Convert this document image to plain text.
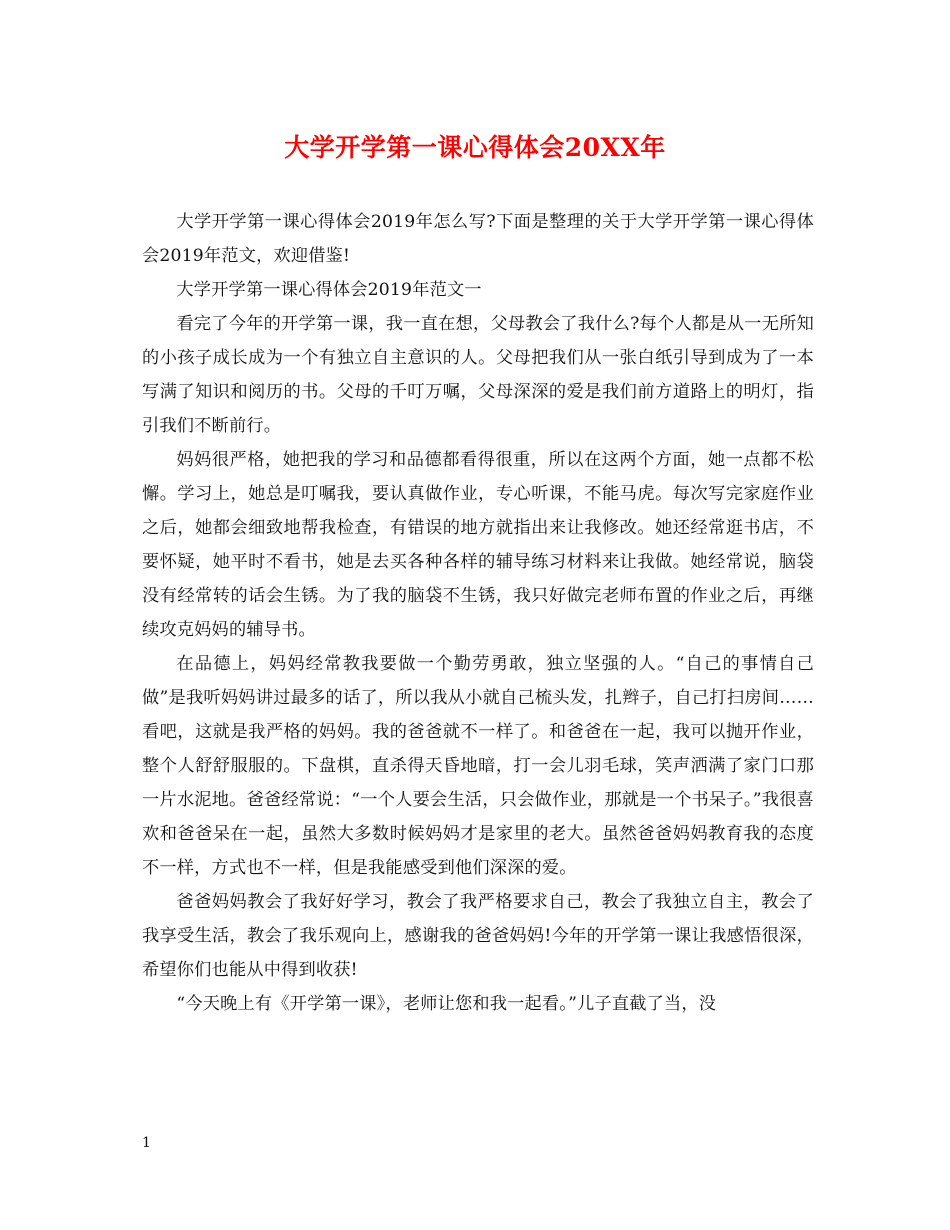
大学开学第一课心得体会20XX年

大学开学第一课心得体会2019年怎么写?下面是整理的关于大学开学第一课心得体会2019年范文，欢迎借鉴!

大学开学第一课心得体会2019年范文一

看完了今年的开学第一课，我一直在想，父母教会了我什么?每个人都是从一无所知的小孩子成长成为一个有独立自主意识的人。父母把我们从一张白纸引导到成为了一本写满了知识和阅历的书。父母的千叮万嘱，父母深深的爱是我们前方道路上的明灯，指引我们不断前行。

妈妈很严格，她把我的学习和品德都看得很重，所以在这两个方面，她一点都不松懈。学习上，她总是叮嘱我，要认真做作业，专心听课，不能马虎。每次写完家庭作业之后，她都会细致地帮我检查，有错误的地方就指出来让我修改。她还经常逛书店，不要怀疑，她平时不看书，她是去买各种各样的辅导练习材料来让我做。她经常说，脑袋没有经常转的话会生锈。为了我的脑袋不生锈，我只好做完老师布置的作业之后，再继续攻克妈妈的辅导书。

在品德上，妈妈经常教我要做一个勤劳勇敢，独立坚强的人。“自己的事情自己做”是我听妈妈讲过最多的话了，所以我从小就自己梳头发，扎辫子，自己打扫房间……看吧，这就是我严格的妈妈。我的爸爸就不一样了。和爸爸在一起，我可以抛开作业，整个人舒舒服服的。下盘棋，直杀得天昏地暗，打一会儿羽毛球，笑声洒满了家门口那一片水泥地。爸爸经常说：“一个人要会生活，只会做作业，那就是一个书呆子。”我很喜欢和爸爸呆在一起，虽然大多数时候妈妈才是家里的老大。虽然爸爸妈妈教育我的态度不一样，方式也不一样，但是我能感受到他们深深的爱。

爸爸妈妈教会了我好好学习，教会了我严格要求自己，教会了我独立自主，教会了我享受生活，教会了我乐观向上，感谢我的爸爸妈妈!今年的开学第一课让我感悟很深，希望你们也能从中得到收获!

“今天晚上有《开学第一课》，老师让您和我一起看。”儿子直截了当，没

1
